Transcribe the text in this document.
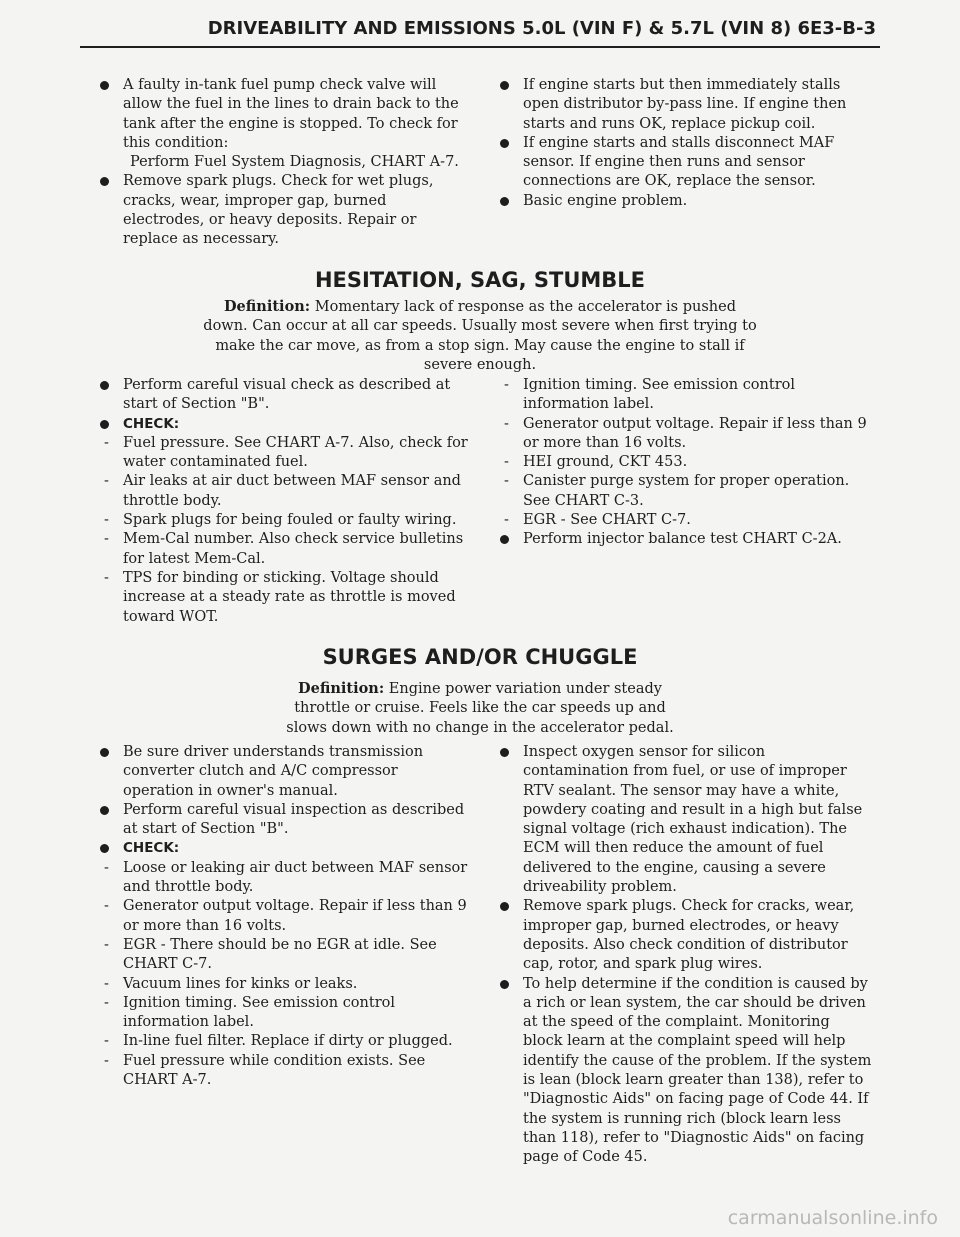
DRIVEABILITY AND EMISSIONS 5.0L (VIN F) & 5.7L (VIN 8) 6E3-B-3
A faulty in-tank fuel pump check valve will allow the fuel in the lines to drain back to the tank after the engine is stopped. To check for this condition:
Perform Fuel System Diagnosis, CHART A-7.
Remove spark plugs. Check for wet plugs, cracks, wear, improper gap, burned electrodes, or heavy deposits. Repair or replace as necessary.
If engine starts but then immediately stalls open distributor by-pass line. If engine then starts and runs OK, replace pickup coil.
If engine starts and stalls disconnect MAF sensor. If engine then runs and sensor connections are OK, replace the sensor.
Basic engine problem.
HESITATION, SAG, STUMBLE
Definition: Momentary lack of response as the accelerator is pushed down. Can occur at all car speeds. Usually most severe when first trying to make the car move, as from a stop sign. May cause the engine to stall if severe enough.
Perform careful visual check as described at start of Section "B".
CHECK:
- Fuel pressure. See CHART A-7. Also, check for water contaminated fuel.
- Air leaks at air duct between MAF sensor and throttle body.
- Spark plugs for being fouled or faulty wiring.
- Mem-Cal number. Also check service bulletins for latest Mem-Cal.
- TPS for binding or sticking. Voltage should increase at a steady rate as throttle is moved toward WOT.
- Ignition timing. See emission control information label.
- Generator output voltage. Repair if less than 9 or more than 16 volts.
- HEI ground, CKT 453.
- Canister purge system for proper operation. See CHART C-3.
- EGR - See CHART C-7.
Perform injector balance test CHART C-2A.
SURGES AND/OR CHUGGLE
Definition: Engine power variation under steady throttle or cruise. Feels like the car speeds up and slows down with no change in the accelerator pedal.
Be sure driver understands transmission converter clutch and A/C compressor operation in owner's manual.
Perform careful visual inspection as described at start of Section "B".
CHECK:
- Loose or leaking air duct between MAF sensor and throttle body.
- Generator output voltage. Repair if less than 9 or more than 16 volts.
- EGR - There should be no EGR at idle. See CHART C-7.
- Vacuum lines for kinks or leaks.
- Ignition timing. See emission control information label.
- In-line fuel filter. Replace if dirty or plugged.
- Fuel pressure while condition exists. See CHART A-7.
Inspect oxygen sensor for silicon contamination from fuel, or use of improper RTV sealant. The sensor may have a white, powdery coating and result in a high but false signal voltage (rich exhaust indication). The ECM will then reduce the amount of fuel delivered to the engine, causing a severe driveability problem.
Remove spark plugs. Check for cracks, wear, improper gap, burned electrodes, or heavy deposits. Also check condition of distributor cap, rotor, and spark plug wires.
To help determine if the condition is caused by a rich or lean system, the car should be driven at the speed of the complaint. Monitoring block learn at the complaint speed will help identify the cause of the problem. If the system is lean (block learn greater than 138), refer to "Diagnostic Aids" on facing page of Code 44. If the system is running rich (block learn less than 118), refer to "Diagnostic Aids" on facing page of Code 45.
carmanualsonline.info
